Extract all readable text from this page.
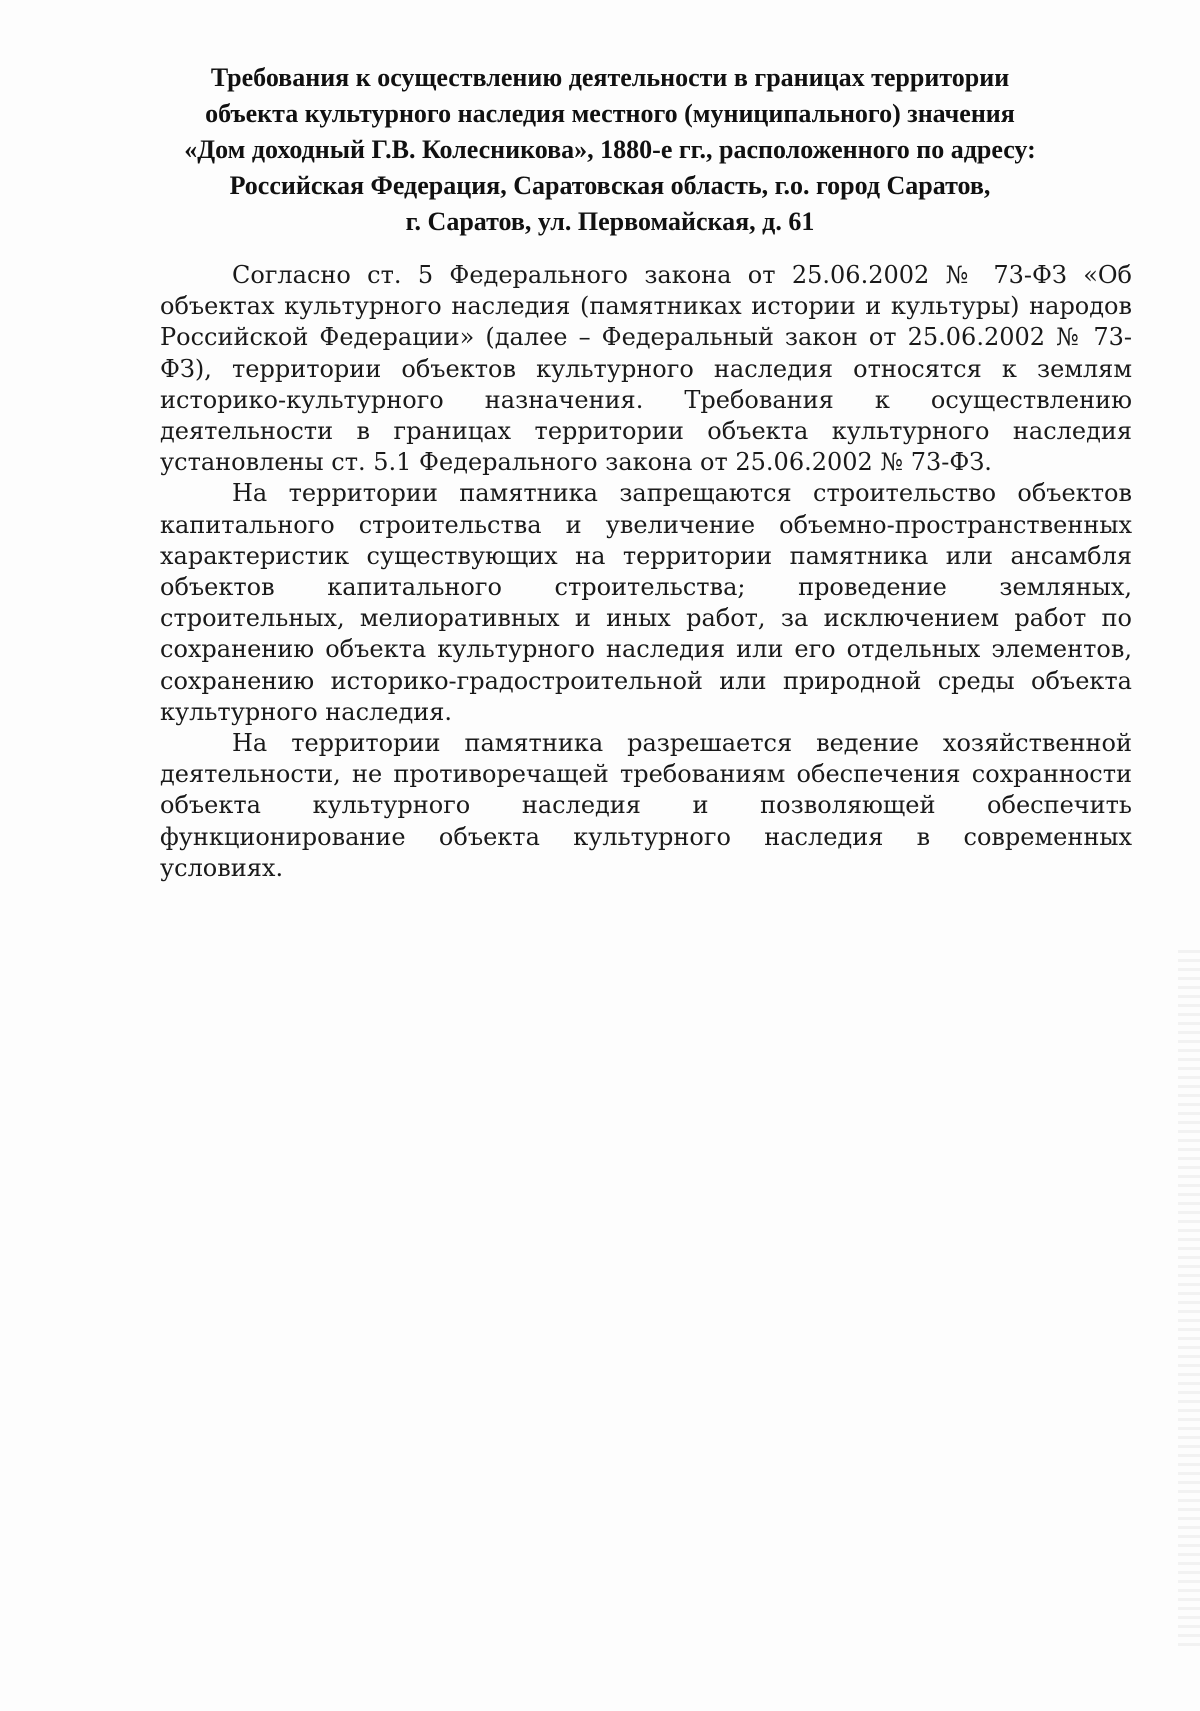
Требования к осуществлению деятельности в границах территории
объекта культурного наследия местного (муниципального) значения
«Дом доходный Г.В. Колесникова», 1880-е гг., расположенного по адресу:
Российская Федерация, Саратовская область, г.о. город Саратов,
г. Саратов, ул. Первомайская, д. 61

Согласно ст. 5 Федерального закона от 25.06.2002 № 73-ФЗ «Об объектах культурного наследия (памятниках истории и культуры) народов Российской Федерации» (далее – Федеральный закон от 25.06.2002 № 73-ФЗ), территории объектов культурного наследия относятся к землям историко-культурного назначения. Требования к осуществлению деятельности в границах территории объекта культурного наследия установлены ст. 5.1 Федерального закона от 25.06.2002 № 73-ФЗ.

На территории памятника запрещаются строительство объектов капитального строительства и увеличение объемно-пространственных характеристик существующих на территории памятника или ансамбля объектов капитального строительства; проведение земляных, строительных, мелиоративных и иных работ, за исключением работ по сохранению объекта культурного наследия или его отдельных элементов, сохранению историко-градостроительной или природной среды объекта культурного наследия.

На территории памятника разрешается ведение хозяйственной деятельности, не противоречащей требованиям обеспечения сохранности объекта культурного наследия и позволяющей обеспечить функционирование объекта культурного наследия в современных условиях.
